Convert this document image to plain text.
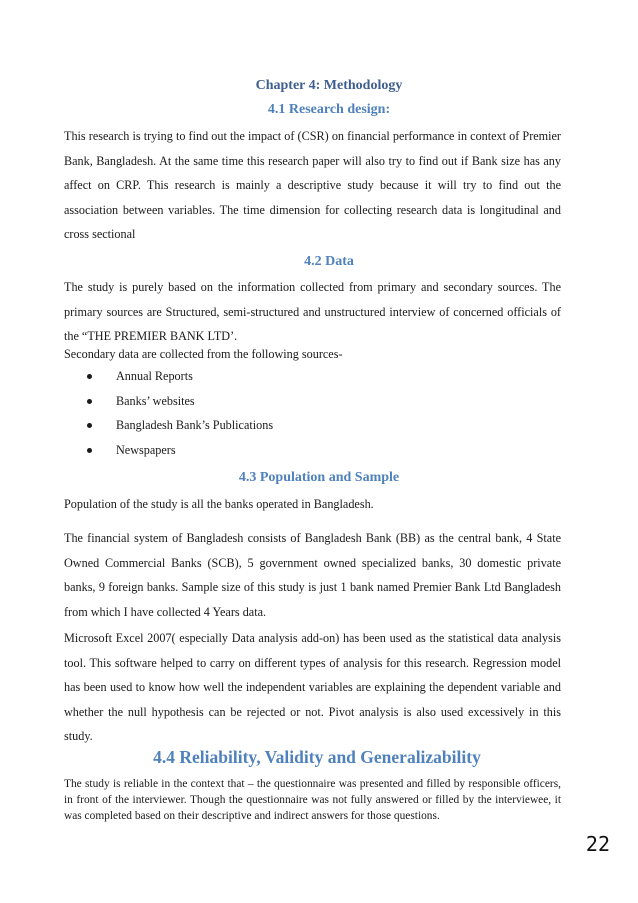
Chapter 4: Methodology
4.1 Research design:

This research is trying to find out the impact of (CSR) on financial performance in context of Premier Bank, Bangladesh. At the same time this research paper will also try to find out if Bank size has any affect on CRP. This research is mainly a descriptive study because it will try to find out the association between variables. The time dimension for collecting research data is longitudinal and cross sectional

4.2 Data

The study is purely based on the information collected from primary and secondary sources. The primary sources are Structured, semi-structured and unstructured interview of concerned officials of the “THE PREMIER BANK LTD’.

Secondary data are collected from the following sources-

Annual Reports
Banks’ websites
Bangladesh Bank’s Publications
Newspapers
4.3 Population and Sample

Population of the study is all the banks operated in Bangladesh.

The financial system of Bangladesh consists of Bangladesh Bank (BB) as the central bank, 4 State Owned Commercial Banks (SCB), 5 government owned specialized banks, 30 domestic private banks, 9 foreign banks. Sample size of this study is just 1 bank named Premier Bank Ltd Bangladesh from which I have collected 4 Years data.

Microsoft Excel 2007( especially Data analysis add-on) has been used as the statistical data analysis tool. This software helped to carry on different types of analysis for this research. Regression model has been used to know how well the independent variables are explaining the dependent variable and whether the null hypothesis can be rejected or not. Pivot analysis is also used excessively in this study.

4.4 Reliability, Validity and Generalizability

The study is reliable in the context that – the questionnaire was presented and filled by responsible officers, in front of the interviewer. Though the questionnaire was not fully answered or filled by the interviewee, it was completed based on their descriptive and indirect answers for those questions.

22
